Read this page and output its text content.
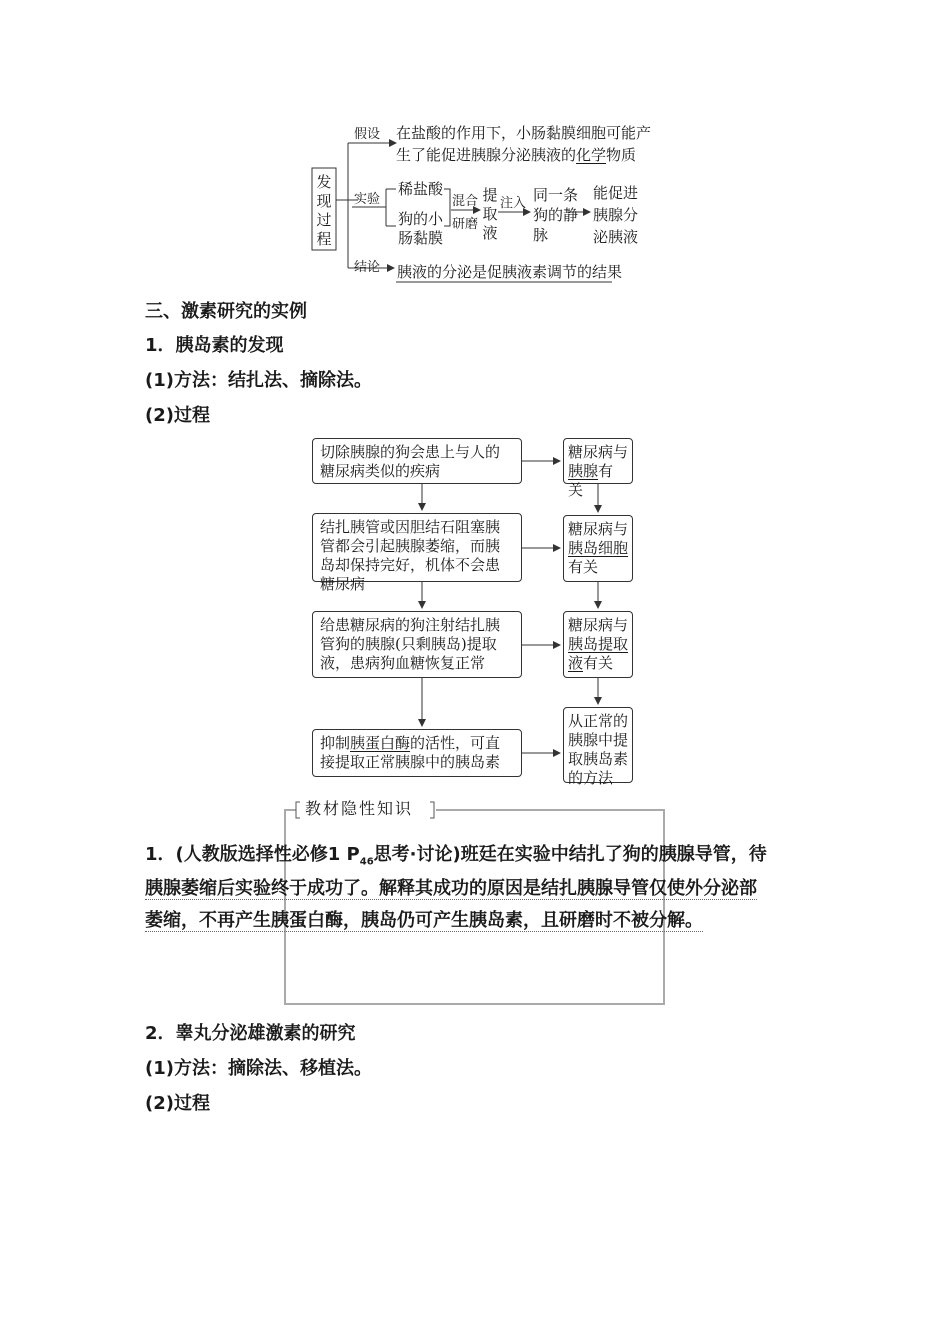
发现过程
假设 在盐酸的作用下，小肠黏膜细胞可能产
生了能促进胰腺分泌胰液的化学物质
实验
稀盐酸
狗的小
肠黏膜
混合
研磨
提取液
注入 同一条
狗的静
脉
能促进
胰腺分
泌胰液
结论 胰液的分泌是促胰液素调节的结果
三、激素研究的实例
1．胰岛素的发现
(1)方法：结扎法、摘除法。
(2)过程
切除胰腺的狗会患上与人的糖尿病类似的疾病
结扎胰管或因胆结石阻塞胰管都会引起胰腺萎缩，而胰岛却保持完好，机体不会患糖尿病
给患糖尿病的狗注射结扎胰管狗的胰腺(只剩胰岛)提取液，患病狗血糖恢复正常
抑制胰蛋白酶的活性，可直接提取正常胰腺中的胰岛素
糖尿病与胰腺有关
糖尿病与胰岛细胞有关
糖尿病与胰岛提取液有关
从正常的胰腺中提取胰岛素的方法
教材隐性知识
1．(人教版选择性必修1 $P_{46}$思考·讨论)班廷在实验中结扎了狗的胰腺导管，待
胰腺萎缩后实验终于成功了。解释其成功的原因是结扎胰腺导管仅使外分泌部
萎缩，不再产生胰蛋白酶，胰岛仍可产生胰岛素，且研磨时不被分解。
2．睾丸分泌雄激素的研究
(1)方法：摘除法、移植法。
(2)过程
